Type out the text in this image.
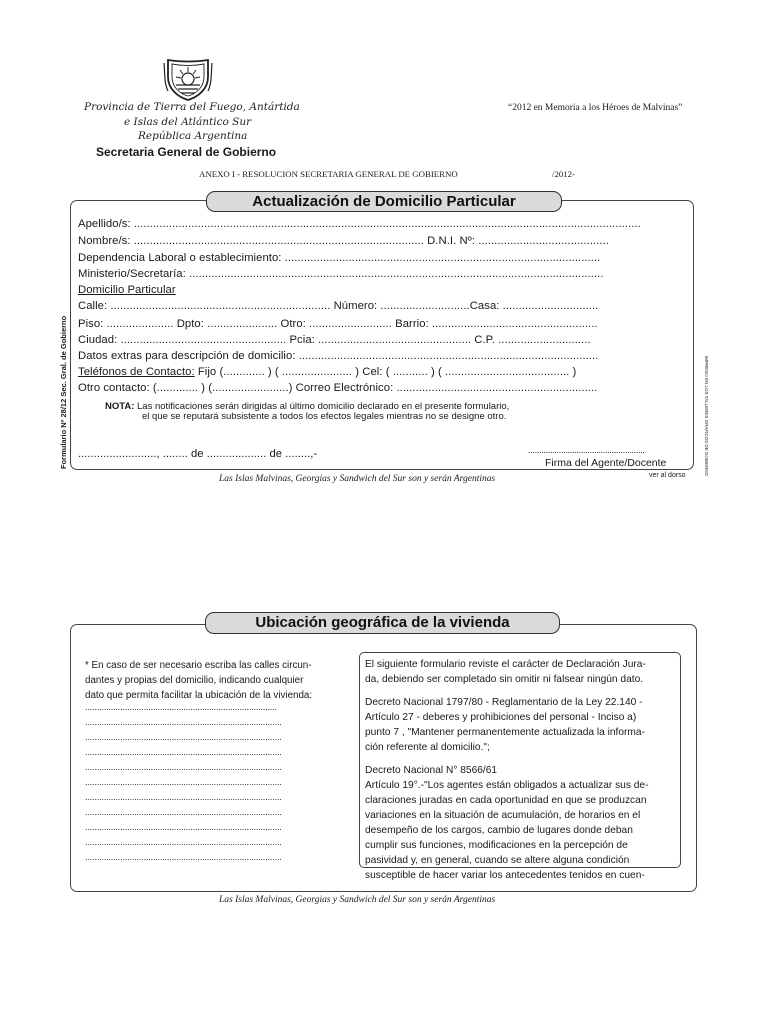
Provincia de Tierra del Fuego, Antártida
e Islas del Atlántico Sur
República Argentina
Secretaria General de Gobierno
“2012 en Memoria a los Héroes de Malvinas”
ANEXO I - RESOLUCION SECRETARIA GENERAL DE GOBIERNO	/2012-
Actualización de Domicilio Particular
Apellido/s: ...............................................................................................................................................................
Nombre/s: ........................................................................................... D.N.I. Nº: .........................................
Dependencia Laboral o establecimiento: ...................................................................................................
Ministerio/Secretaría: ..................................................................................................................................
Domicilio Particular
Calle: ..................................................................... Número: ............................Casa: ..............................
Piso: ..................... Dpto: ...................... Otro: .......................... Barrio: ....................................................
Ciudad: .................................................... Pcia: ................................................ C.P. .............................
Datos extras para descripción de domicilio: ..............................................................................................
Teléfonos de Contacto: Fijo (............. ) ( ...................... ) Cel: ( ........... ) ( ....................................... )
Otro contacto: (............. ) (........................) Correo Electrónico: ...............................................................
NOTA: Las notificaciones serán dirigidas al último domicilio declarado en el presente formulario,
el que se reputará subsistente a todos los efectos legales mientras no se designe otro.
........................., ........ de ................... de ........,-	.....................................................
Firma del Agente/Docente
ver al dorso
Las Islas Malvinas, Georgias y Sandwich del Sur son y serán Argentinas
Formulario Nº 28/12 Sec. Gral. de Gobierno	IMPRESO EN LOS TALLERES GRAFICOS DE GOBIERNO
Ubicación geográfica de la vivienda
* En caso de ser necesario escriba las calles circun-
dantes y propias del domicilio, indicando cualquier
dato que permita facilitar la ubicación de la vivienda:
..................................................................................
....................................................................................
....................................................................................
....................................................................................
....................................................................................
....................................................................................
....................................................................................
....................................................................................
....................................................................................
....................................................................................
....................................................................................

El siguiente formulario reviste el carácter de Declaración Jura-

da, debiendo ser completado sin omitir ni falsear ningún dato.

Decreto Nacional 1797/80 - Reglamentario de la Ley 22.140 -

Artículo 27 - deberes y prohibiciones del personal - Inciso a)

punto 7 , "Mantener permanentemente actualizada la informa-

ción referente al domicilio.";

Decreto Nacional N° 8566/61

Artículo 19°.-"Los agentes están obligados a actualizar sus de-

claraciones juradas en cada oportunidad en que se produzcan

variaciones en la situación de acumulación, de horarios en el

desempeño de los cargos, cambio de lugares donde deban

cumplir sus funciones, modificaciones en la percepción de

pasividad y, en general, cuando se altere alguna condición

susceptible de hacer variar los antecedentes tenidos en cuen-

Las Islas Malvinas, Georgias y Sandwich del Sur son y serán Argentinas
